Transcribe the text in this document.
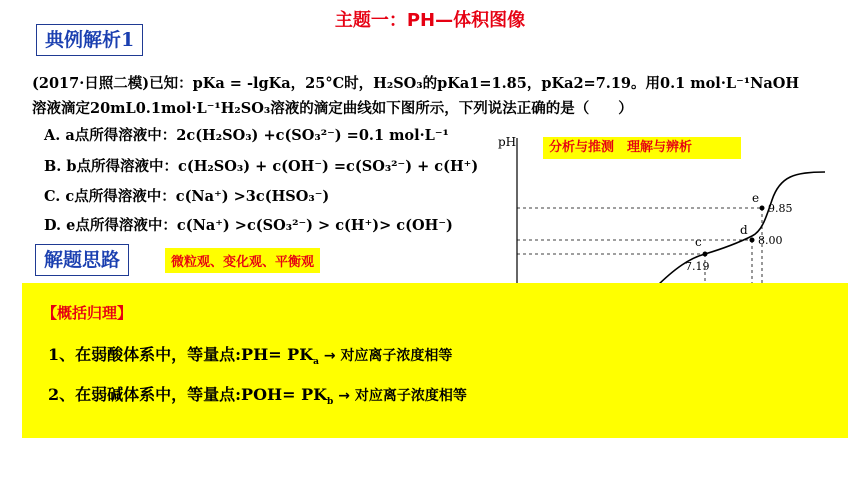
主题一：PH—体积图像
典例解析1
(2017·日照二模)已知：pKa = -lgKa，25°C时，H₂SO₃的pKa1=1.85，pKa2=7.19。用0.1 mol·L⁻¹NaOH
溶液滴定20mL0.1mol·L⁻¹H₂SO₃溶液的滴定曲线如下图所示，下列说法正确的是（　　）
A. a点所得溶液中：2c(H₂SO₃) +c(SO₃²⁻) =0.1 mol·L⁻¹
B. b点所得溶液中：c(H₂SO₃) + c(OH⁻) =c(SO₃²⁻) + c(H⁺)
C. c点所得溶液中：c(Na⁺) >3c(HSO₃⁻)
D. e点所得溶液中：c(Na⁺) >c(SO₃²⁻) > c(H⁺)> c(OH⁻)
分析与推测　理解与辨析
pH
c
7.19
d
8.00
e
9.85
解题思路	微粒观、变化观、平衡观
【概括归理】
1、在弱酸体系中，等量点:PH= $PK_a$ → 对应离子浓度相等
2、在弱碱体系中，等量点:POH= $PK_b$ → 对应离子浓度相等
